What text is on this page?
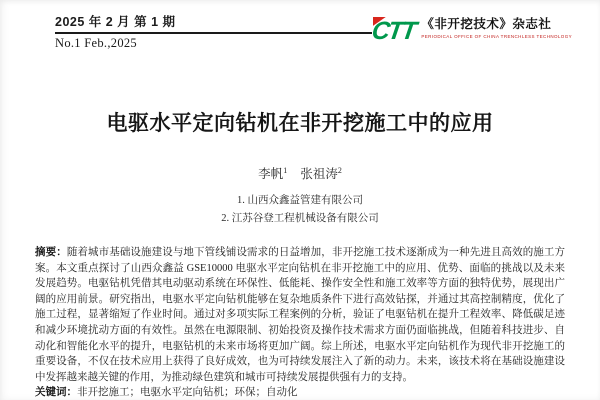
2025 年 2 月 第 1 期
No.1 Feb.,2025	CTT 《非开挖技术》杂志社
PERIODICAL OFFICE OF CHINA TRENCHLESS TECHNOLOGY
电驱水平定向钻机在非开挖施工中的应用
李帆$^1$ 张祖涛$^2$
1. 山西众鑫益管建有限公司
2. 江苏谷登工程机械设备有限公司

摘要：随着城市基础设施建设与地下管线铺设需求的日益增加，非开挖施工技术逐渐成为一种先进且高效的施工方案。本文重点探讨了山西众鑫益 GSE10000 电驱水平定向钻机在非开挖施工中的应用、优势、面临的挑战以及未来发展趋势。电驱钻机凭借其电动驱动系统在环保性、低能耗、操作安全性和施工效率等方面的独特优势，展现出广阔的应用前景。研究指出，电驱水平定向钻机能够在复杂地质条件下进行高效钻探，并通过其高控制精度，优化了施工过程，显著缩短了作业时间。通过对多项实际工程案例的分析，验证了电驱钻机在提升工程效率、降低碳足迹和减少环境扰动方面的有效性。虽然在电源限制、初始投资及操作技术需求方面仍面临挑战，但随着科技进步、自动化和智能化水平的提升，电驱钻机的未来市场将更加广阔。综上所述，电驱水平定向钻机作为现代非开挖施工的重要设备，不仅在技术应用上获得了良好成效，也为可持续发展注入了新的动力。未来，该技术将在基础设施建设中发挥越来越关键的作用，为推动绿色建筑和城市可持续发展提供强有力的支持。

关键词：非开挖施工；电驱水平定向钻机；环保；自动化
